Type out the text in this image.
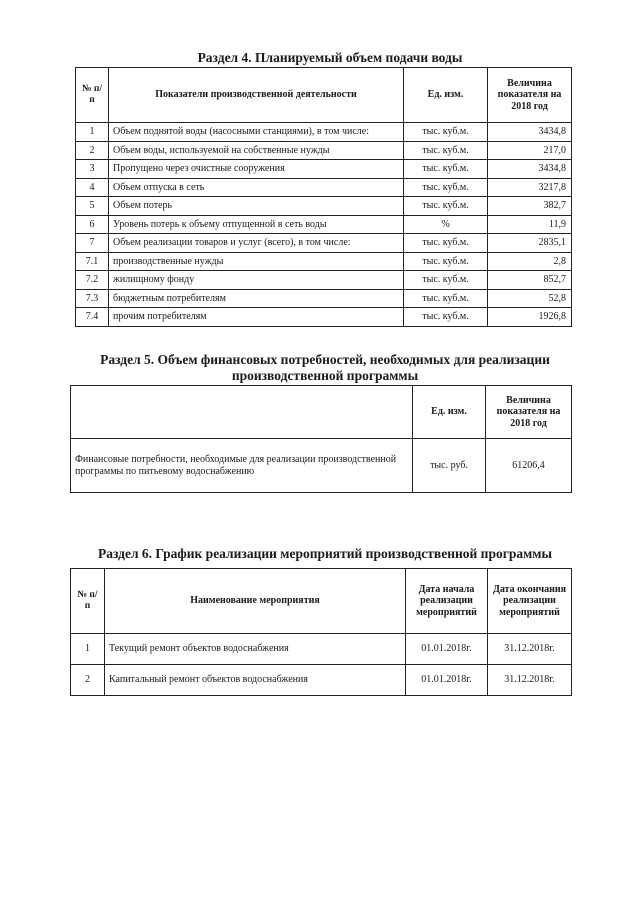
Раздел 4. Планируемый объем подачи воды
№ п/п	Показатели производственной деятельности	Ед. изм.	Величина показателя на 2018 год
1	Объем поднятой воды (насосными станциями), в том числе:	тыс. куб.м.	3434,8
2	Объем воды, используемой на собственные нужды	тыс. куб.м.	217,0
3	Пропущено через очистные сооружения	тыс. куб.м.	3434,8
4	Объем отпуска в сеть	тыс. куб.м.	3217,8
5	Объем потерь	тыс. куб.м.	382,7
6	Уровень потерь к объему отпущенной в сеть воды	%	11,9
7	Объем реализации товаров и услуг (всего), в том числе:	тыс. куб.м.	2835,1
7.1	производственные нужды	тыс. куб.м.	2,8
7.2	жилищному фонду	тыс. куб.м.	852,7
7.3	бюджетным потребителям	тыс. куб.м.	52,8
7.4	прочим потребителям	тыс. куб.м.	1926,8
Раздел 5. Объем финансовых потребностей, необходимых для реализации
производственной программы
	Ед. изм.	Величина показателя на 2018 год
Финансовые потребности, необходимые для реализации производственной программы по питьевому водоснабжению	тыс. руб.	61206,4
Раздел 6. График реализации мероприятий производственной программы
№ п/п	Наименование мероприятия	Дата начала реализации мероприятий	Дата окончания реализации мероприятий
1	Текущий ремонт объектов водоснабжения	01.01.2018г.	31.12.2018г.
2	Капитальный ремонт объектов водоснабжения	01.01.2018г.	31.12.2018г.
